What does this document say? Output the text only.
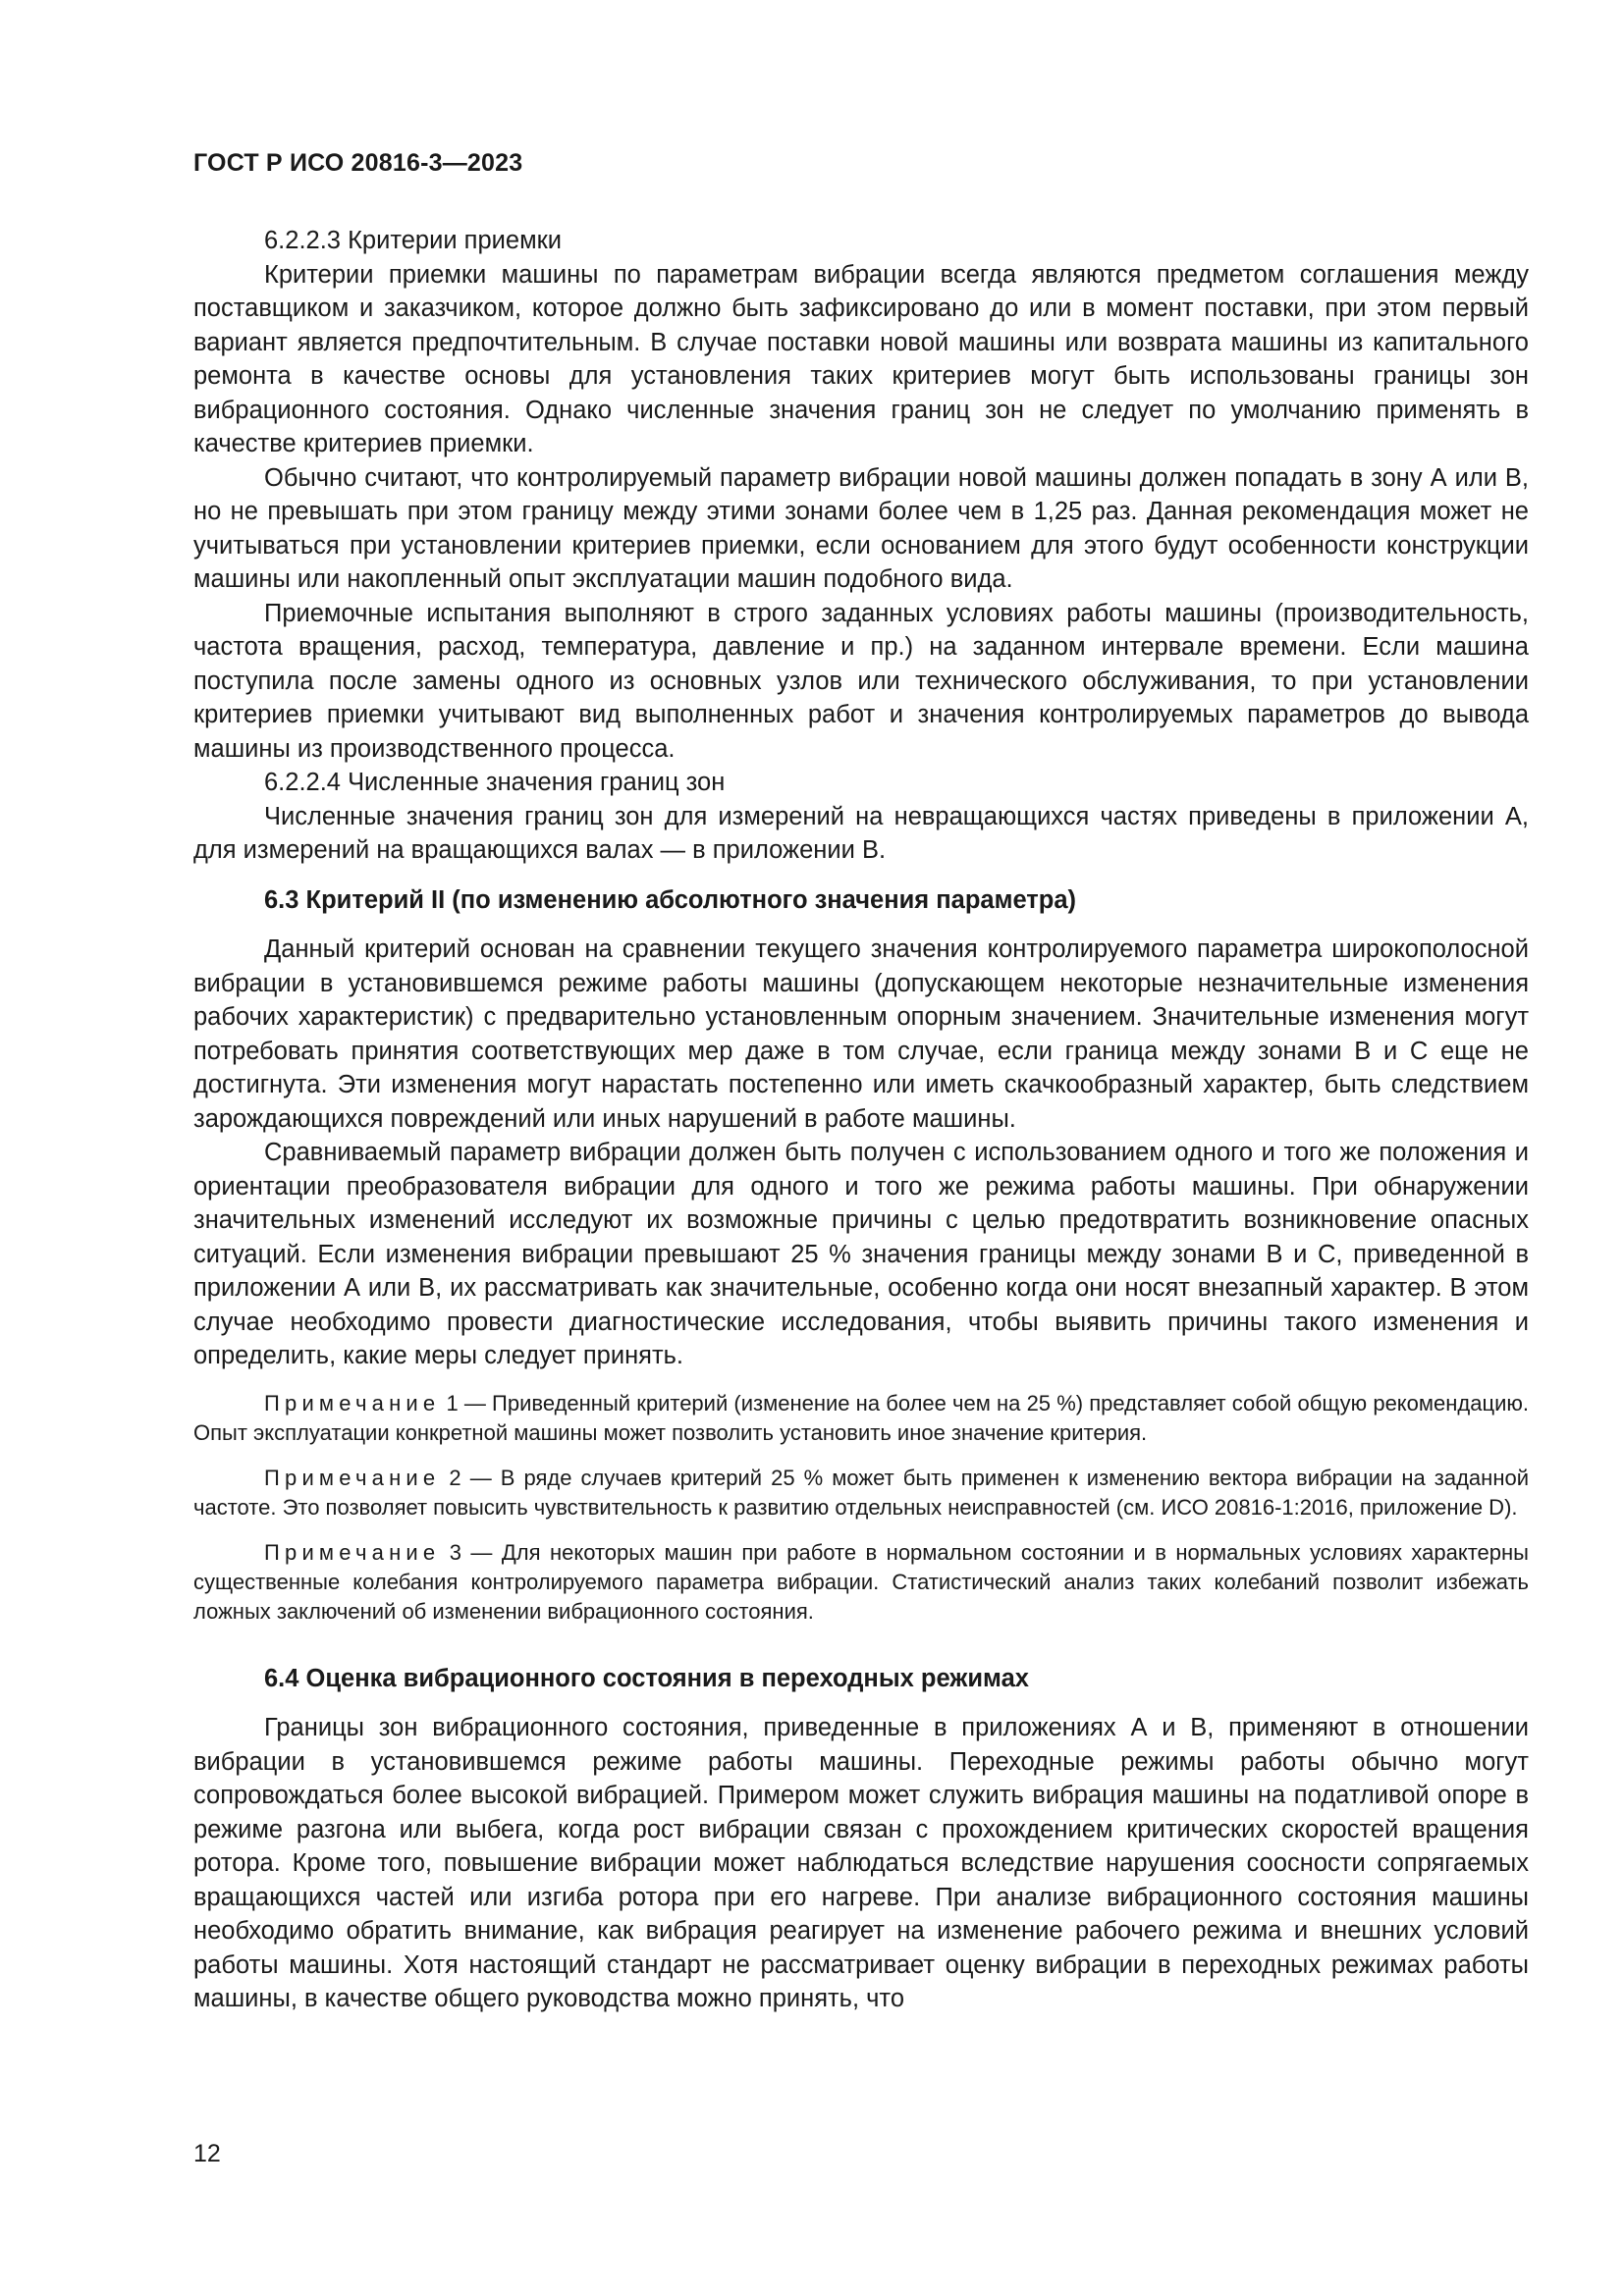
ГОСТ Р ИСО 20816-3—2023

6.2.2.3 Критерии приемки

Критерии приемки машины по параметрам вибрации всегда являются предметом соглашения между поставщиком и заказчиком, которое должно быть зафиксировано до или в момент поставки, при этом первый вариант является предпочтительным. В случае поставки новой машины или возврата машины из капитального ремонта в качестве основы для установления таких критериев могут быть использованы границы зон вибрационного состояния. Однако численные значения границ зон не следует по умолчанию применять в качестве критериев приемки.

Обычно считают, что контролируемый параметр вибрации новой машины должен попадать в зону А или В, но не превышать при этом границу между этими зонами более чем в 1,25 раз. Данная рекомендация может не учитываться при установлении критериев приемки, если основанием для этого будут особенности конструкции машины или накопленный опыт эксплуатации машин подобного вида.

Приемочные испытания выполняют в строго заданных условиях работы машины (производительность, частота вращения, расход, температура, давление и пр.) на заданном интервале времени. Если машина поступила после замены одного из основных узлов или технического обслуживания, то при установлении критериев приемки учитывают вид выполненных работ и значения контролируемых параметров до вывода машины из производственного процесса.

6.2.2.4 Численные значения границ зон

Численные значения границ зон для измерений на невращающихся частях приведены в приложении А, для измерений на вращающихся валах — в приложении В.

6.3 Критерий II (по изменению абсолютного значения параметра)

Данный критерий основан на сравнении текущего значения контролируемого параметра широкополосной вибрации в установившемся режиме работы машины (допускающем некоторые незначительные изменения рабочих характеристик) с предварительно установленным опорным значением. Значительные изменения могут потребовать принятия соответствующих мер даже в том случае, если граница между зонами В и С еще не достигнута. Эти изменения могут нарастать постепенно или иметь скачкообразный характер, быть следствием зарождающихся повреждений или иных нарушений в работе машины.

Сравниваемый параметр вибрации должен быть получен с использованием одного и того же положения и ориентации преобразователя вибрации для одного и того же режима работы машины. При обнаружении значительных изменений исследуют их возможные причины с целью предотвратить возникновение опасных ситуаций. Если изменения вибрации превышают 25 % значения границы между зонами В и С, приведенной в приложении А или В, их рассматривать как значительные, особенно когда они носят внезапный характер. В этом случае необходимо провести диагностические исследования, чтобы выявить причины такого изменения и определить, какие меры следует принять.

Примечание 1 — Приведенный критерий (изменение на более чем на 25 %) представляет собой общую рекомендацию. Опыт эксплуатации конкретной машины может позволить установить иное значение критерия.

Примечание 2 — В ряде случаев критерий 25 % может быть применен к изменению вектора вибрации на заданной частоте. Это позволяет повысить чувствительность к развитию отдельных неисправностей (см. ИСО 20816-1:2016, приложение D).

Примечание 3 — Для некоторых машин при работе в нормальном состоянии и в нормальных условиях характерны существенные колебания контролируемого параметра вибрации. Статистический анализ таких колебаний позволит избежать ложных заключений об изменении вибрационного состояния.

6.4 Оценка вибрационного состояния в переходных режимах

Границы зон вибрационного состояния, приведенные в приложениях А и В, применяют в отношении вибрации в установившемся режиме работы машины. Переходные режимы работы обычно могут сопровождаться более высокой вибрацией. Примером может служить вибрация машины на податливой опоре в режиме разгона или выбега, когда рост вибрации связан с прохождением критических скоростей вращения ротора. Кроме того, повышение вибрации может наблюдаться вследствие нарушения соосности сопрягаемых вращающихся частей или изгиба ротора при его нагреве. При анализе вибрационного состояния машины необходимо обратить внимание, как вибрация реагирует на изменение рабочего режима и внешних условий работы машины. Хотя настоящий стандарт не рассматривает оценку вибрации в переходных режимах работы машины, в качестве общего руководства можно принять, что

12
